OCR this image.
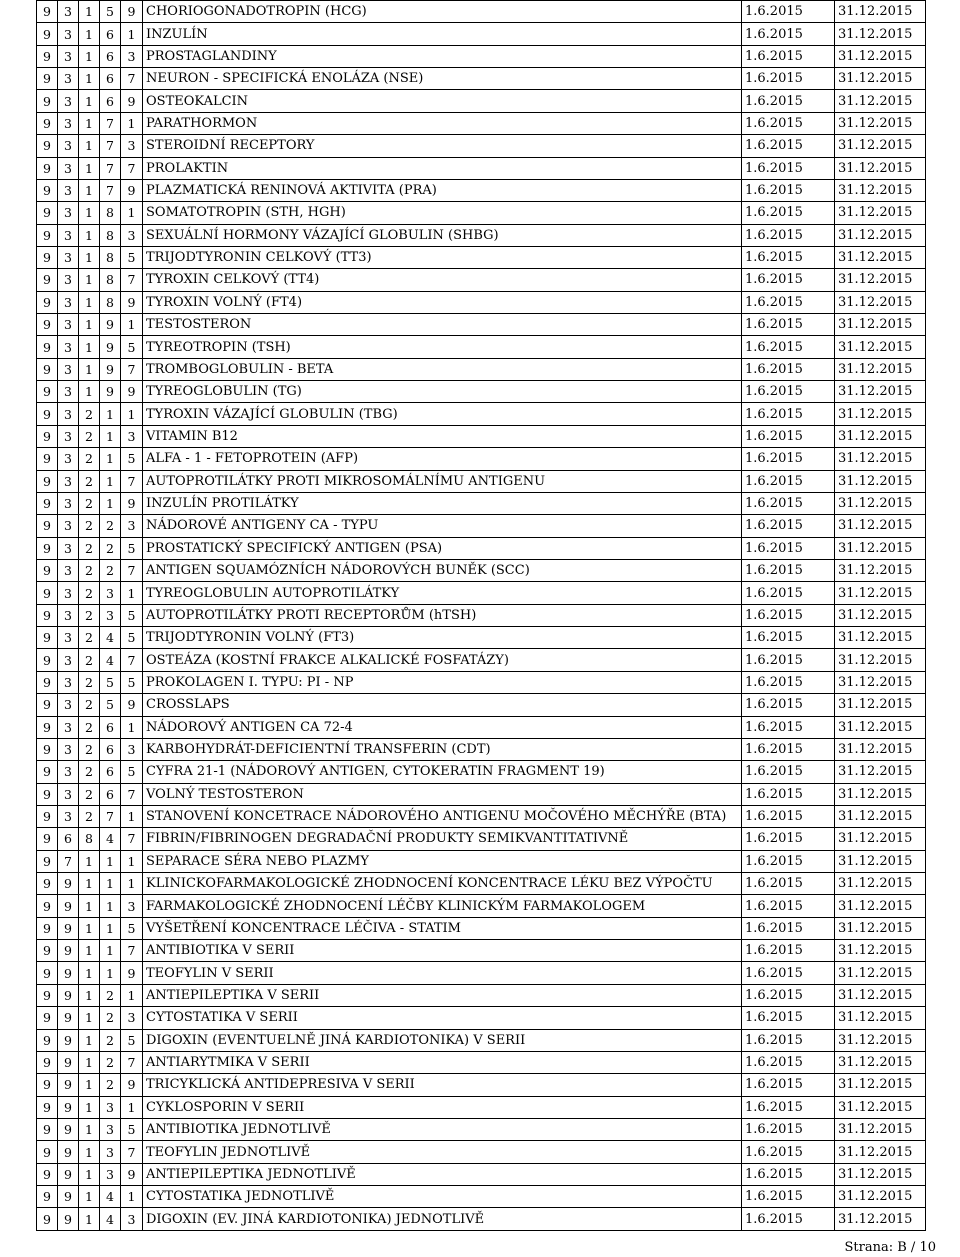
9	3	1	5	9	CHORIOGONADOTROPIN (HCG)	1.6.2015	31.12.2015
9	3	1	6	1	INZULÍN	1.6.2015	31.12.2015
9	3	1	6	3	PROSTAGLANDINY	1.6.2015	31.12.2015
9	3	1	6	7	NEURON - SPECIFICKÁ ENOLÁZA (NSE)	1.6.2015	31.12.2015
9	3	1	6	9	OSTEOKALCIN	1.6.2015	31.12.2015
9	3	1	7	1	PARATHORMON	1.6.2015	31.12.2015
9	3	1	7	3	STEROIDNÍ RECEPTORY	1.6.2015	31.12.2015
9	3	1	7	7	PROLAKTIN	1.6.2015	31.12.2015
9	3	1	7	9	PLAZMATICKÁ RENINOVÁ AKTIVITA (PRA)	1.6.2015	31.12.2015
9	3	1	8	1	SOMATOTROPIN (STH, HGH)	1.6.2015	31.12.2015
9	3	1	8	3	SEXUÁLNÍ HORMONY VÁZAJÍCÍ GLOBULIN (SHBG)	1.6.2015	31.12.2015
9	3	1	8	5	TRIJODTYRONIN CELKOVÝ (TT3)	1.6.2015	31.12.2015
9	3	1	8	7	TYROXIN CELKOVÝ (TT4)	1.6.2015	31.12.2015
9	3	1	8	9	TYROXIN VOLNÝ (FT4)	1.6.2015	31.12.2015
9	3	1	9	1	TESTOSTERON	1.6.2015	31.12.2015
9	3	1	9	5	TYREOTROPIN (TSH)	1.6.2015	31.12.2015
9	3	1	9	7	TROMBOGLOBULIN - BETA	1.6.2015	31.12.2015
9	3	1	9	9	TYREOGLOBULIN (TG)	1.6.2015	31.12.2015
9	3	2	1	1	TYROXIN VÁZAJÍCÍ GLOBULIN (TBG)	1.6.2015	31.12.2015
9	3	2	1	3	VITAMIN B12	1.6.2015	31.12.2015
9	3	2	1	5	ALFA - 1 - FETOPROTEIN (AFP)	1.6.2015	31.12.2015
9	3	2	1	7	AUTOPROTILÁTKY PROTI MIKROSOMÁLNÍMU ANTIGENU	1.6.2015	31.12.2015
9	3	2	1	9	INZULÍN PROTILÁTKY	1.6.2015	31.12.2015
9	3	2	2	3	NÁDOROVÉ ANTIGENY CA - TYPU	1.6.2015	31.12.2015
9	3	2	2	5	PROSTATICKÝ SPECIFICKÝ ANTIGEN (PSA)	1.6.2015	31.12.2015
9	3	2	2	7	ANTIGEN SQUAMÓZNÍCH NÁDOROVÝCH BUNĚK (SCC)	1.6.2015	31.12.2015
9	3	2	3	1	TYREOGLOBULIN AUTOPROTILÁTKY	1.6.2015	31.12.2015
9	3	2	3	5	AUTOPROTILÁTKY PROTI RECEPTORŮM (hTSH)	1.6.2015	31.12.2015
9	3	2	4	5	TRIJODTYRONIN VOLNÝ (FT3)	1.6.2015	31.12.2015
9	3	2	4	7	OSTEÁZA (KOSTNÍ FRAKCE ALKALICKÉ FOSFATÁZY)	1.6.2015	31.12.2015
9	3	2	5	5	PROKOLAGEN I. TYPU: PI - NP	1.6.2015	31.12.2015
9	3	2	5	9	CROSSLAPS	1.6.2015	31.12.2015
9	3	2	6	1	NÁDOROVÝ ANTIGEN CA 72-4	1.6.2015	31.12.2015
9	3	2	6	3	KARBOHYDRÁT-DEFICIENTNÍ TRANSFERIN (CDT)	1.6.2015	31.12.2015
9	3	2	6	5	CYFRA 21-1 (NÁDOROVÝ ANTIGEN, CYTOKERATIN FRAGMENT 19)	1.6.2015	31.12.2015
9	3	2	6	7	VOLNÝ TESTOSTERON	1.6.2015	31.12.2015
9	3	2	7	1	STANOVENÍ KONCETRACE NÁDOROVÉHO ANTIGENU MOČOVÉHO MĚCHÝŘE (BTA)	1.6.2015	31.12.2015
9	6	8	4	7	FIBRIN/FIBRINOGEN DEGRADAČNÍ PRODUKTY SEMIKVANTITATIVNĚ	1.6.2015	31.12.2015
9	7	1	1	1	SEPARACE SÉRA NEBO PLAZMY	1.6.2015	31.12.2015
9	9	1	1	1	KLINICKOFARMAKOLOGICKÉ ZHODNOCENÍ KONCENTRACE LÉKU BEZ VÝPOČTU	1.6.2015	31.12.2015
9	9	1	1	3	FARMAKOLOGICKÉ ZHODNOCENÍ LÉČBY KLINICKÝM FARMAKOLOGEM	1.6.2015	31.12.2015
9	9	1	1	5	VYŠETŘENÍ KONCENTRACE LÉČIVA - STATIM	1.6.2015	31.12.2015
9	9	1	1	7	ANTIBIOTIKA V SERII	1.6.2015	31.12.2015
9	9	1	1	9	TEOFYLIN V SERII	1.6.2015	31.12.2015
9	9	1	2	1	ANTIEPILEPTIKA V SERII	1.6.2015	31.12.2015
9	9	1	2	3	CYTOSTATIKA V SERII	1.6.2015	31.12.2015
9	9	1	2	5	DIGOXIN (EVENTUELNĚ JINÁ KARDIOTONIKA) V SERII	1.6.2015	31.12.2015
9	9	1	2	7	ANTIARYTMIKA V SERII	1.6.2015	31.12.2015
9	9	1	2	9	TRICYKLICKÁ ANTIDEPRESIVA V SERII	1.6.2015	31.12.2015
9	9	1	3	1	CYKLOSPORIN V SERII	1.6.2015	31.12.2015
9	9	1	3	5	ANTIBIOTIKA JEDNOTLIVĚ	1.6.2015	31.12.2015
9	9	1	3	7	TEOFYLIN JEDNOTLIVĚ	1.6.2015	31.12.2015
9	9	1	3	9	ANTIEPILEPTIKA JEDNOTLIVĚ	1.6.2015	31.12.2015
9	9	1	4	1	CYTOSTATIKA JEDNOTLIVĚ	1.6.2015	31.12.2015
9	9	1	4	3	DIGOXIN (EV. JINÁ KARDIOTONIKA) JEDNOTLIVĚ	1.6.2015	31.12.2015
Strana: B / 10
